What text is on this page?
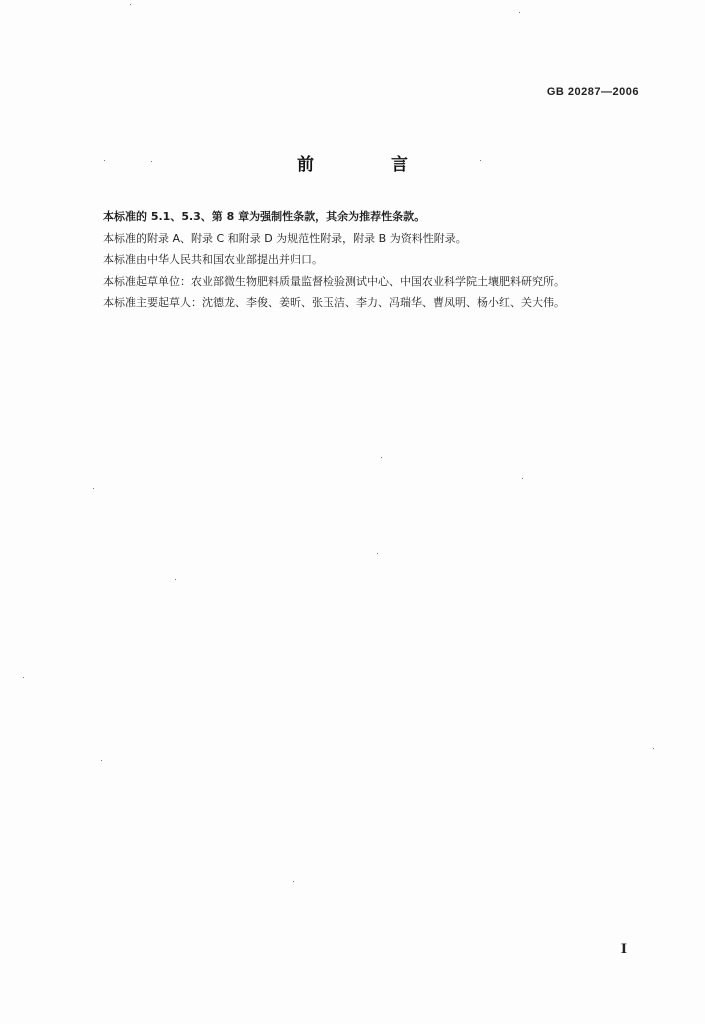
GB 20287—2006
前　言
本标准的 5.1、5.3、第 8 章为强制性条款，其余为推荐性条款。
本标准的附录 A、附录 C 和附录 D 为规范性附录，附录 B 为资料性附录。
本标准由中华人民共和国农业部提出并归口。
本标准起草单位：农业部微生物肥料质量监督检验测试中心、中国农业科学院土壤肥料研究所。
本标准主要起草人：沈德龙、李俊、姜昕、张玉洁、李力、冯瑞华、曹凤明、杨小红、关大伟。
I
